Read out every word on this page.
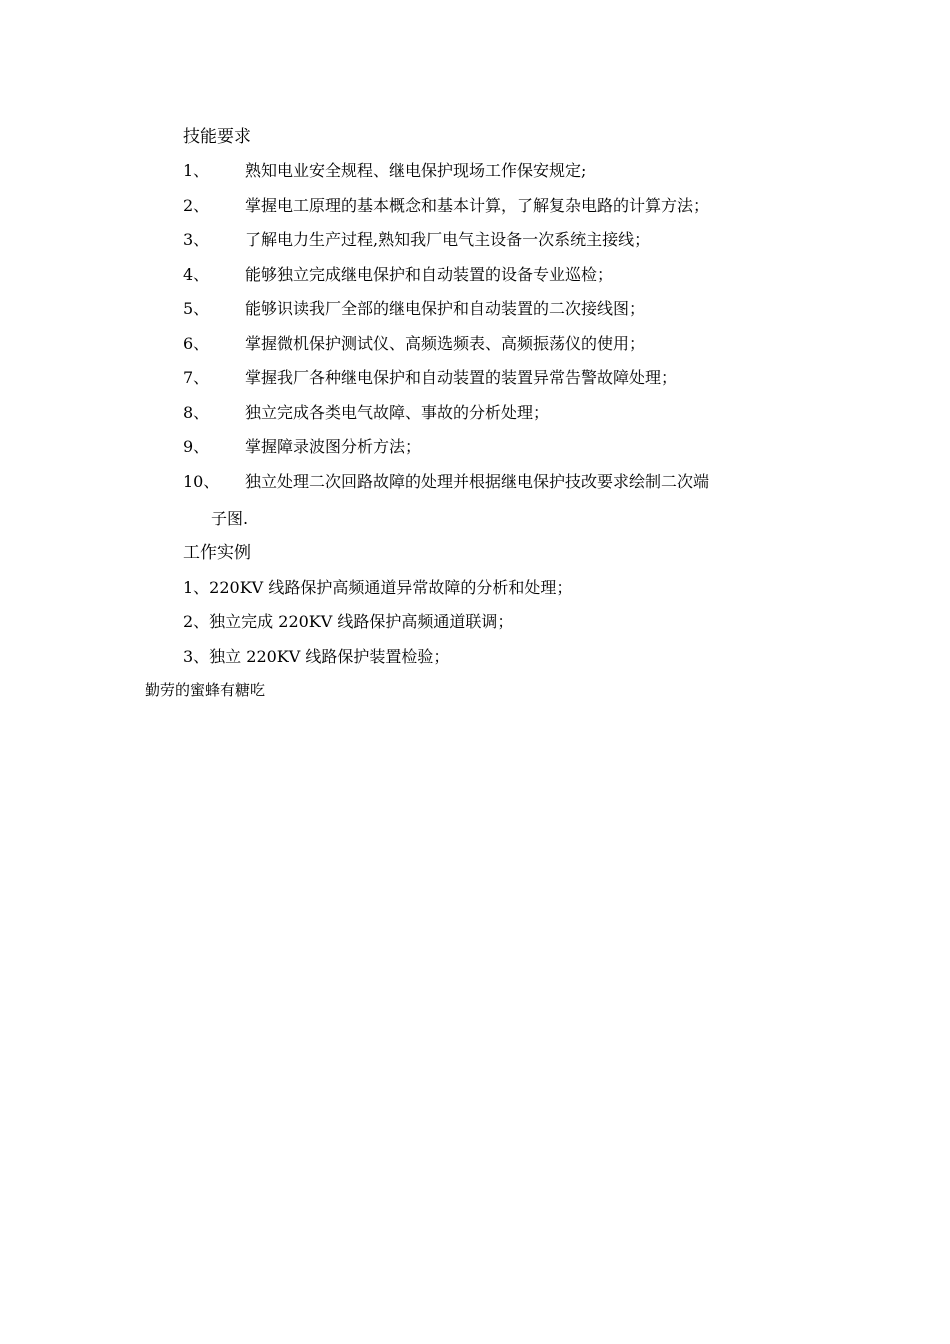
技能要求
1、 熟知电业安全规程、继电保护现场工作保安规定;
2、 掌握电工原理的基本概念和基本计算，了解复杂电路的计算方法；
3、 了解电力生产过程,熟知我厂电气主设备一次系统主接线；
4、 能够独立完成继电保护和自动装置的设备专业巡检；
5、 能够识读我厂全部的继电保护和自动装置的二次接线图；
6、 掌握微机保护测试仪、高频选频表、高频振荡仪的使用；
7、 掌握我厂各种继电保护和自动装置的装置异常告警故障处理；
8、 独立完成各类电气故障、事故的分析处理；
9、 掌握障录波图分析方法；
10、 独立处理二次回路故障的处理并根据继电保护技改要求绘制二次端
子图.
工作实例
1、220KV 线路保护高频通道异常故障的分析和处理；
2、独立完成 220KV 线路保护高频通道联调；
3、独立 220KV 线路保护装置检验；
勤劳的蜜蜂有糖吃
